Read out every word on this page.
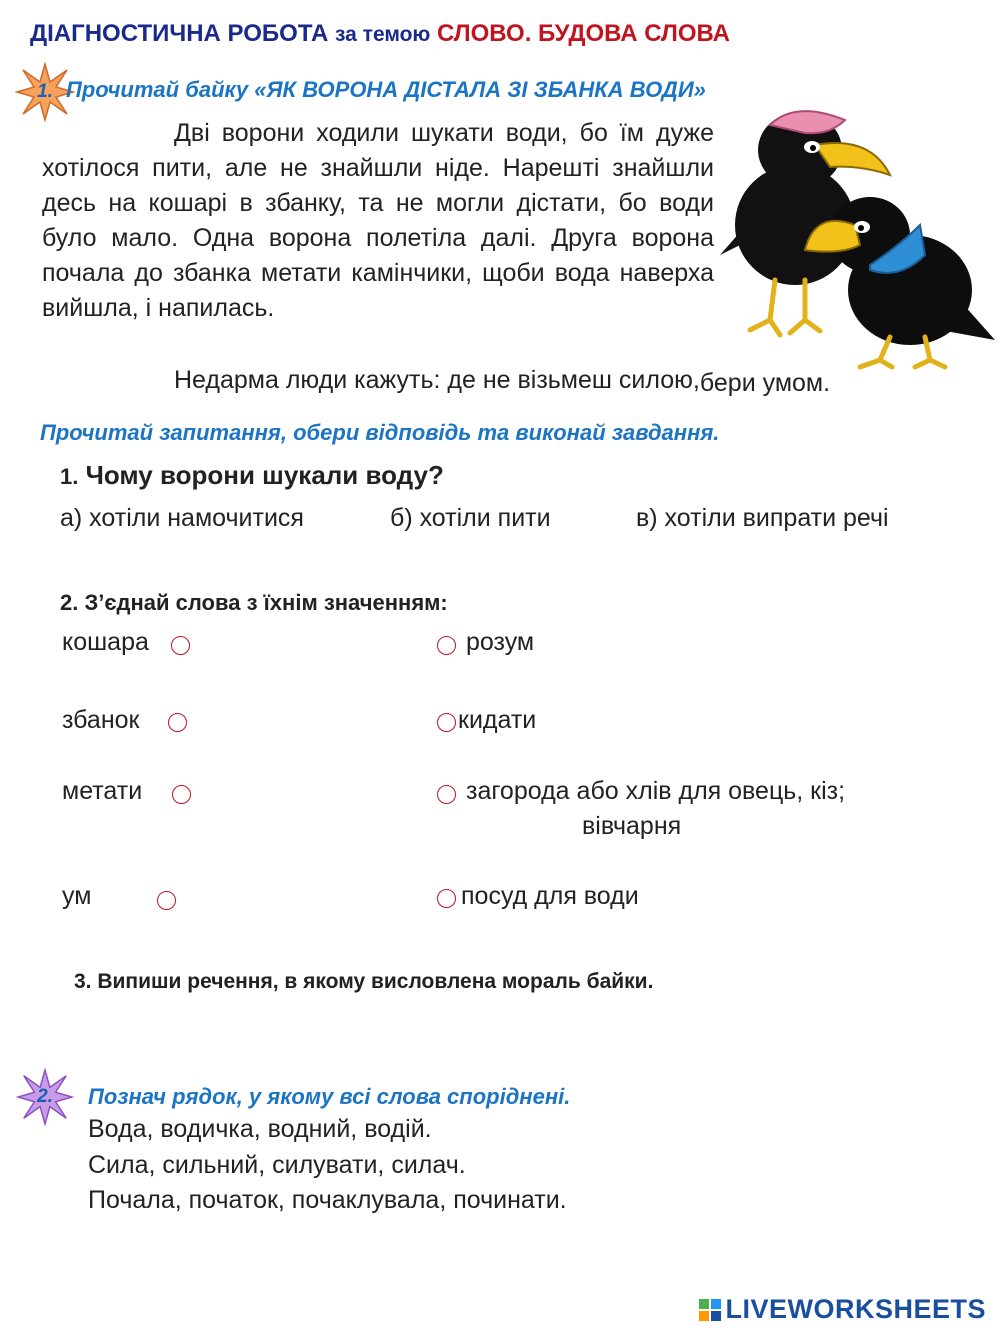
ДІАГНОСТИЧНА РОБОТА за темою СЛОВО. БУДОВА СЛОВА
1. Прочитай байку «ЯК ВОРОНА ДІСТАЛА ЗІ ЗБАНКА ВОДИ»
Дві ворони ходили шукати води, бо їм дуже хотілося пити, але не знайшли ніде. Нарешті знайшли десь на кошарі в збанку, та не могли дістати, бо води було мало. Одна ворона полетіла далі. Друга ворона почала до збанка метати камінчики, щоби вода наверха вийшла, і напилась.
Недарма люди кажуть: де не візьмеш силою,бери умом.
Прочитай запитання, обери відповідь та виконай завдання.
1. Чому ворони шукали воду?
а) хотіли намочитися	б) хотіли пити	в) хотіли випрати речі
2. З’єднай слова з їхнім значенням:
кошара	розум
збанок	кидати
метати	загорода або хлів для овець, кіз;
вівчарня
ум	посуд для води
3. Випиши речення, в якому висловлена мораль байки.
2.	Познач рядок, у якому всі слова споріднені.
Вода, водичка, водний, водій.
Сила, сильний, силувати, силач.
Почала, початок, почаклувала, починати.
LIVEWORKSHEETS
